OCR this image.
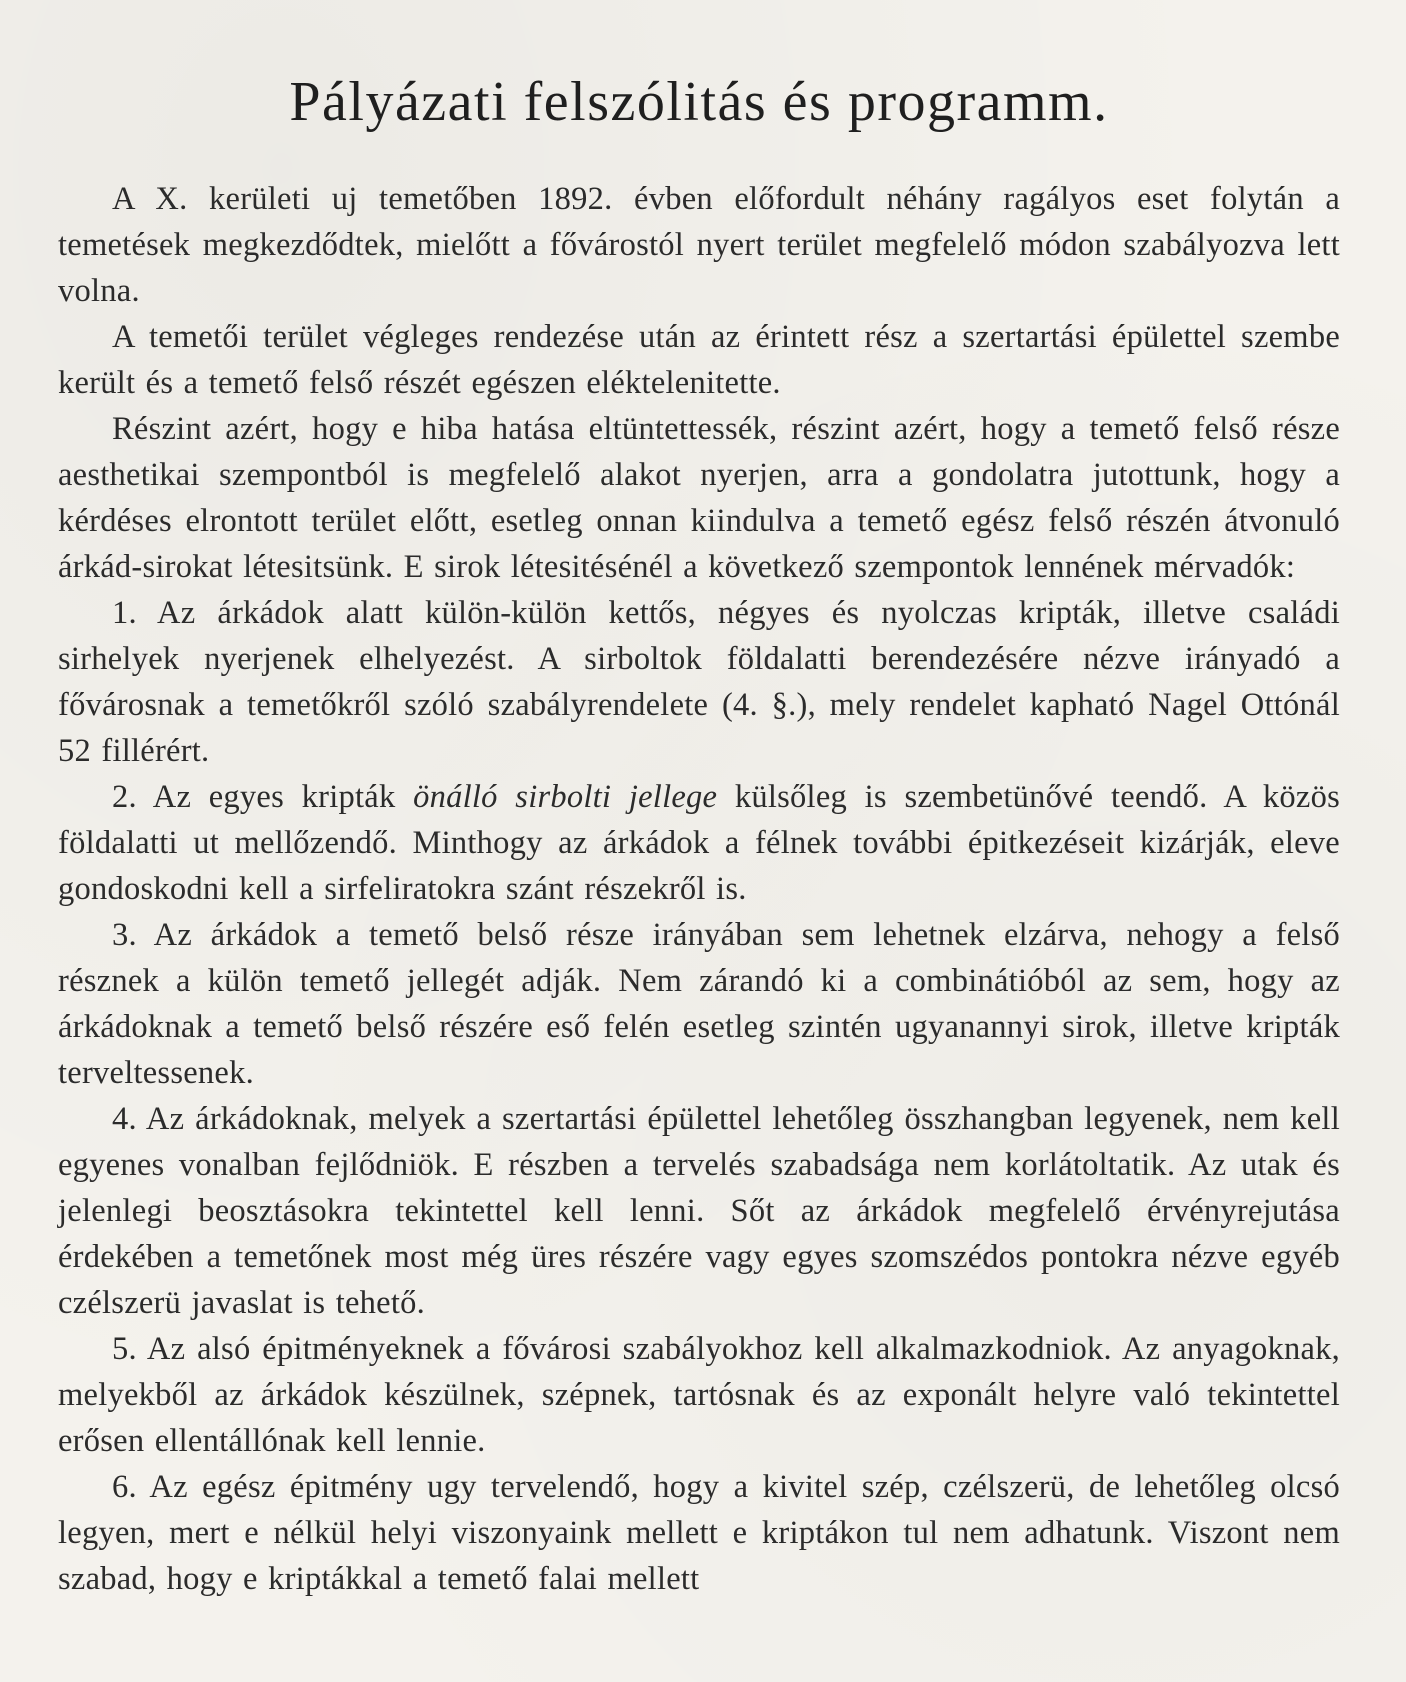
Pályázati felszólitás és programm.

A X. kerületi uj temetőben 1892. évben előfordult néhány ragályos eset folytán a temetések megkezdődtek, mielőtt a fővárostól nyert terület megfelelő módon szabályozva lett volna.

A temetői terület végleges rendezése után az érintett rész a szertartási épülettel szembe került és a temető felső részét egészen eléktelenitette.

Részint azért, hogy e hiba hatása eltüntettessék, részint azért, hogy a temető felső része aesthetikai szempontból is megfelelő alakot nyerjen, arra a gondolatra jutottunk, hogy a kérdéses elrontott terület előtt, esetleg onnan kiindulva a temető egész felső részén átvonuló árkád-sirokat létesitsünk. E sirok létesitésénél a következő szempontok lennének mérvadók:

1. Az árkádok alatt külön-külön kettős, négyes és nyolczas kripták, illetve családi sirhelyek nyerjenek elhelyezést. A sirboltok földalatti berendezésére nézve irányadó a fővárosnak a temetőkről szóló szabályrendelete (4. §.), mely rendelet kapható Nagel Ottónál 52 fillérért.

2. Az egyes kripták önálló sirbolti jellege külsőleg is szembetünővé teendő. A közös földalatti ut mellőzendő. Minthogy az árkádok a félnek további épitkezéseit kizárják, eleve gondoskodni kell a sirfeliratokra szánt részekről is.

3. Az árkádok a temető belső része irányában sem lehetnek elzárva, nehogy a felső résznek a külön temető jellegét adják. Nem zárandó ki a combinátióból az sem, hogy az árkádoknak a temető belső részére eső felén esetleg szintén ugyanannyi sirok, illetve kripták terveltessenek.

4. Az árkádoknak, melyek a szertartási épülettel lehetőleg összhangban legyenek, nem kell egyenes vonalban fejlődniök. E részben a tervelés szabadsága nem korlátoltatik. Az utak és jelenlegi beosztásokra tekintettel kell lenni. Sőt az árkádok megfelelő érvényrejutása érdekében a temetőnek most még üres részére vagy egyes szomszédos pontokra nézve egyéb czélszerü javaslat is tehető.

5. Az alsó épitményeknek a fővárosi szabályokhoz kell alkalmazkodniok. Az anyagoknak, melyekből az árkádok készülnek, szépnek, tartósnak és az exponált helyre való tekintettel erősen ellentállónak kell lennie.

6. Az egész épitmény ugy tervelendő, hogy a kivitel szép, czélszerü, de lehetőleg olcsó legyen, mert e nélkül helyi viszonyaink mellett e kriptákon tul nem adhatunk. Viszont nem szabad, hogy e kriptákkal a temető falai mellett
